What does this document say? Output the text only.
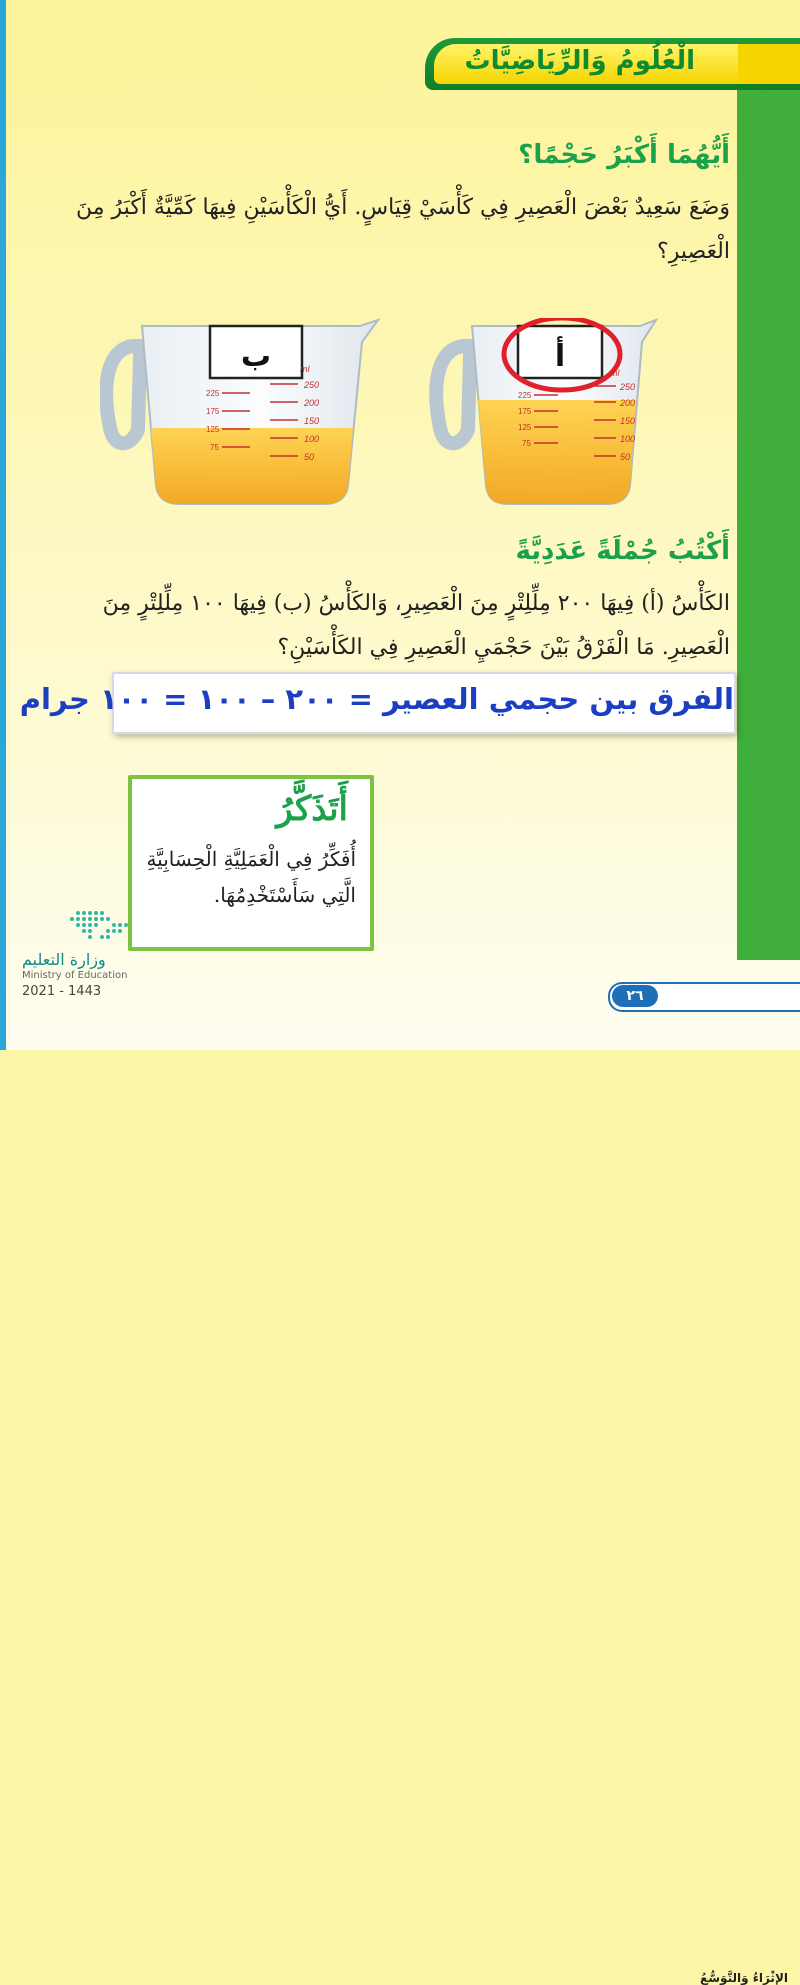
الْعُلُومُ وَالرِّيَاضِيَّاتُ
أَيُّهُمَا أَكْبَرُ حَجْمًا؟
وَضَعَ سَعِيدٌ بَعْضَ الْعَصِيرِ فِي كَأْسَيْ قِيَاسٍ. أَيُّ الْكَأْسَيْنِ فِيهَا كَمِّيَّةٌ أَكْبَرُ مِنَ الْعَصِيرِ؟
ب	ml
250
200
150
100
50
225
175
125
75
أ	ml
250
200
150
100
50
225
175
125
75
أَكْتُبُ جُمْلَةً عَدَدِيَّةً
الكَأْسُ (أ) فِيهَا ٢٠٠ مِلِّلِتْرٍ مِنَ الْعَصِيرِ، وَالكَأْسُ (ب) فِيهَا ١٠٠ مِلِّلِتْرٍ مِنَ الْعَصِيرِ. مَا الْفَرْقُ بَيْنَ حَجْمَيِ الْعَصِيرِ فِي الكَأْسَيْنِ؟
الفرق بين حجمي العصير = ٢٠٠ – ١٠٠ = ١٠٠ جرام
أَتَذَكَّرُ
أُفَكِّرُ فِي الْعَمَلِيَّةِ الْحِسَابِيَّةِ الَّتِي سَأَسْتَخْدِمُهَا.
وزارة التعليم
Ministry of Education
2021 - 1443
الإِثْرَاءُ وَالتَّوَسُّعُ
٢٦
